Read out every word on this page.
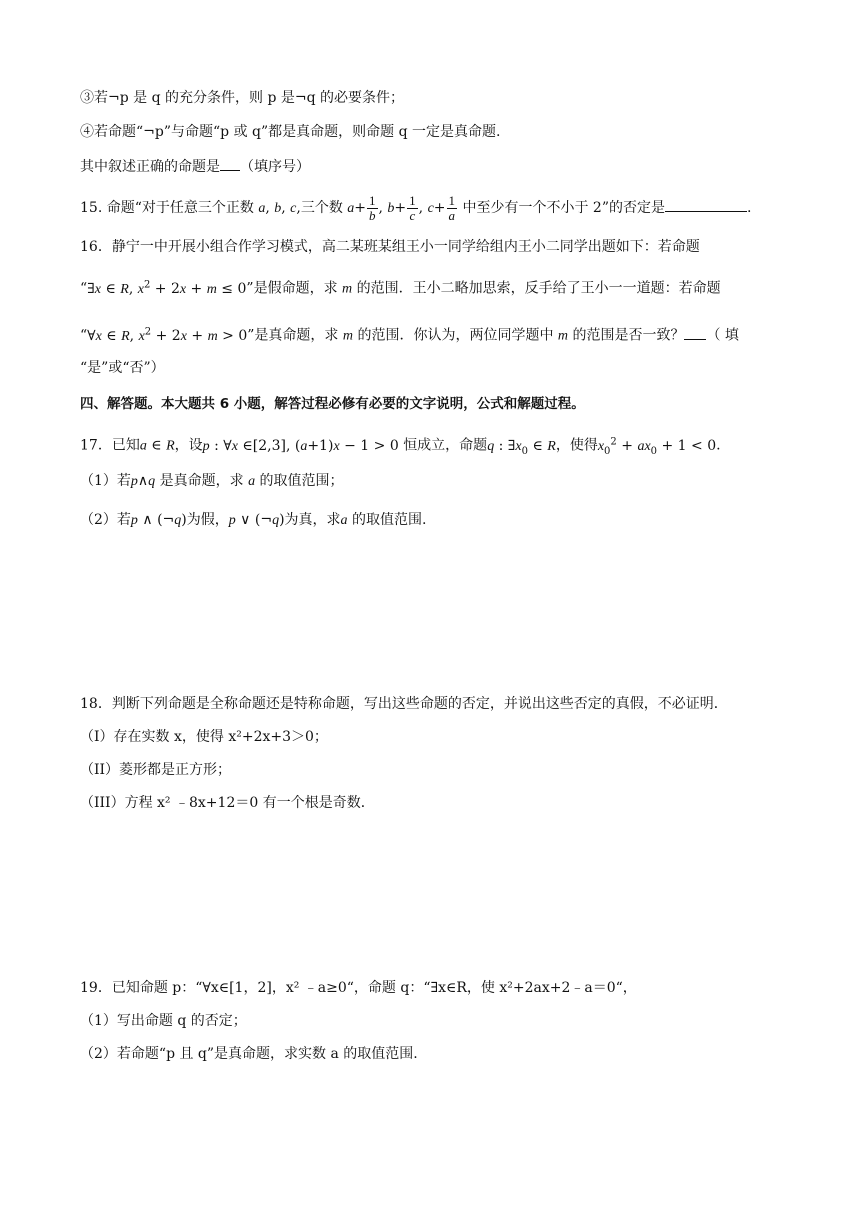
③若¬p 是 q 的充分条件，则 p 是¬q 的必要条件；
④若命题“¬p”与命题“p 或 q”都是真命题，则命题 q 一定是真命题.
其中叙述正确的命题是 （填序号）
15. 命题“对于任意三个正数 a, b, c,三个数 $a+ \frac{1}{b}$ , $b+ \frac{1}{c}$ , $c+ \frac{1}{a}$ 中至少有一个不小于 2”的否定是	.
16．静宁一中开展小组合作学习模式，高二某班某组王小一同学给组内王小二同学出题如下：若命题
“∃x ∈ R, $x^2 + 2x + m \le 0$”是假命题，求 m 的范围．王小二略加思索，反手给了王小一一道题：若命题
“∀x ∈ R, $x^2 + 2x + m > 0$”是真命题，求 m 的范围．你认为，两位同学题中 m 的范围是否一致？ （ 填
“是”或“否”）
四、解答题。本大题共 6 小题，解答过程必修有必要的文字说明，公式和解题过程。
17．已知a ∈ R，设p : ∀x ∈[2,3], (a+1)x − 1 > 0 恒成立，命题q : $\exists x_0$ ∈ R，使得$x_0^2 + ax_0 + 1 < 0$.
（1）若p∧q 是真命题，求 a 的取值范围；
（2）若p ∧ (¬q)为假，p ∨ (¬q)为真，求a 的取值范围.
18．判断下列命题是全称命题还是特称命题，写出这些命题的否定，并说出这些否定的真假，不必证明．
（I）存在实数 x，使得 x²+2x+3＞0；
（II）菱形都是正方形；
（III）方程 x² ﹣8x+12＝0 有一个根是奇数．
19．已知命题 p：“∀x∈[1，2]，x² ﹣a≥0“，命题 q：“∃x∈R，使 x²+2ax+2﹣a＝0“，
（1）写出命题 q 的否定；
（2）若命题“p 且 q”是真命题，求实数 a 的取值范围.
